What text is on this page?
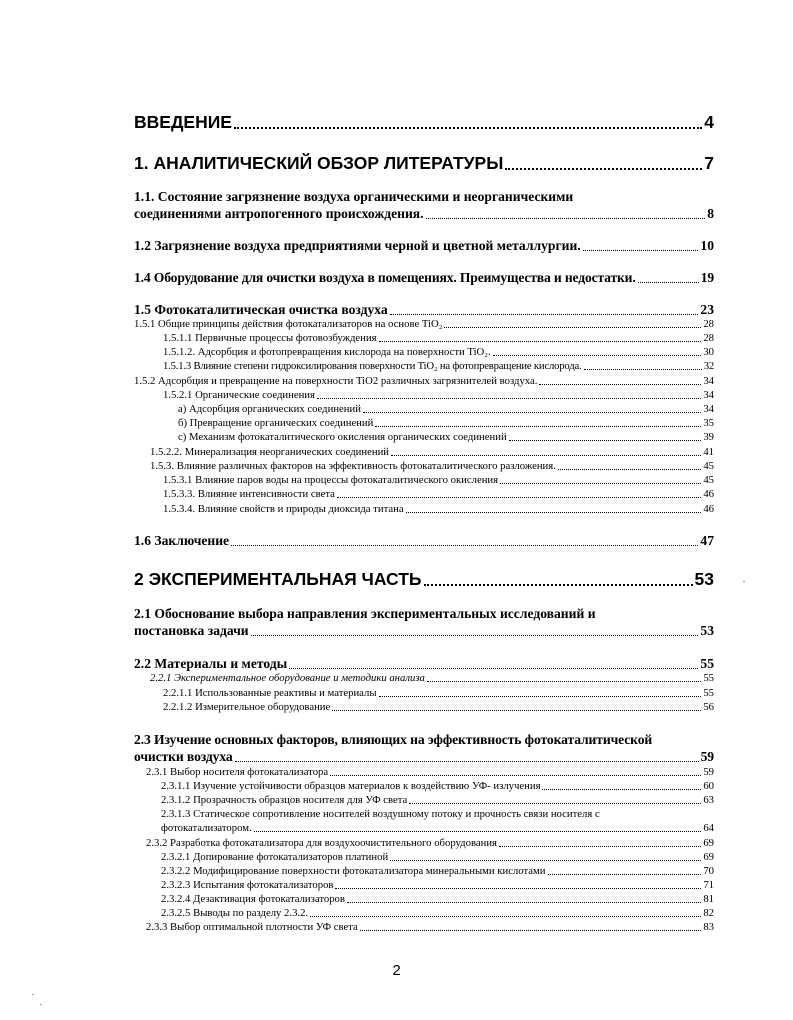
ВВЕДЕНИЕ	4
1. АНАЛИТИЧЕСКИЙ ОБЗОР ЛИТЕРАТУРЫ	7
1.1. Состояние загрязнение воздуха органическими и неорганическими
соединениями антропогенного происхождения.	8
1.2 Загрязнение воздуха предприятиями черной и цветной металлургии.	10
1.4 Оборудование для очистки воздуха в помещениях. Преимущества и недостатки.	19
1.5 Фотокаталитическая очистка воздуха	23
1.5.1 Общие принципы действия фотокатализаторов на основе TiO₂	28
1.5.1.1 Первичные процессы фотовозбуждения	28
1.5.1.2. Адсорбция и фотопревращения кислорода на поверхности TiO₂.	30
1.5.1.3 Влияние степени гидроксилирования поверхности TiO₂ на фотопревращение кислорода.	32
1.5.2 Адсорбция и превращение на поверхности TiO2 различных загрязнителей воздуха.	34
1.5.2.1 Органические соединения	34
а) Адсорбция органических соединений	34
б) Превращение органических соединений	35
с) Механизм фотокаталитического окисления органических соединений	39
1.5.2.2. Минерализация неорганических соединений	41
1.5.3. Влияние различных факторов на эффективность фотокаталитического разложения.	45
1.5.3.1 Влияние паров воды на процессы фотокаталитического окисления	45
1.5.3.3. Влияние интенсивности света	46
1.5.3.4. Влияние свойств и природы диоксида титана	46
1.6 Заключение	47
2 ЭКСПЕРИМЕНТАЛЬНАЯ ЧАСТЬ	53
2.1 Обоснование выбора направления экспериментальных исследований и
постановка задачи	53
2.2 Материалы и методы	55
2.2.1 Экспериментальное оборудование и методики анализа	55
2.2.1.1 Использованные реактивы и материалы	55
2.2.1.2 Измерительное оборудование	56
2.3 Изучение основных факторов, влияющих на эффективность фотокаталитической
очистки воздуха	59
2.3.1 Выбор носителя фотокатализатора	59
2.3.1.1 Изучение устойчивости образцов материалов к воздействию УФ- излучения	60
2.3.1.2 Прозрачность образцов носителя для УФ света	63
2.3.1.3 Статическое сопротивление носителей воздушному потоку и прочность связи носителя с
фотокатализатором.	64
2.3.2 Разработка фотокатализатора для воздухоочистительного оборудования	69
2.3.2.1 Допирование фотокатализаторов платиной	69
2.3.2.2 Модифицирование поверхности фотокатализатора минеральными кислотами	70
2.3.2.3 Испытания фотокатализаторов	71
2.3.2.4 Дезактивация фотокатализаторов	81
2.3.2.5 Выводы по разделу 2.3.2.	82
2.3.3 Выбор оптимальной плотности УФ света	83
2
